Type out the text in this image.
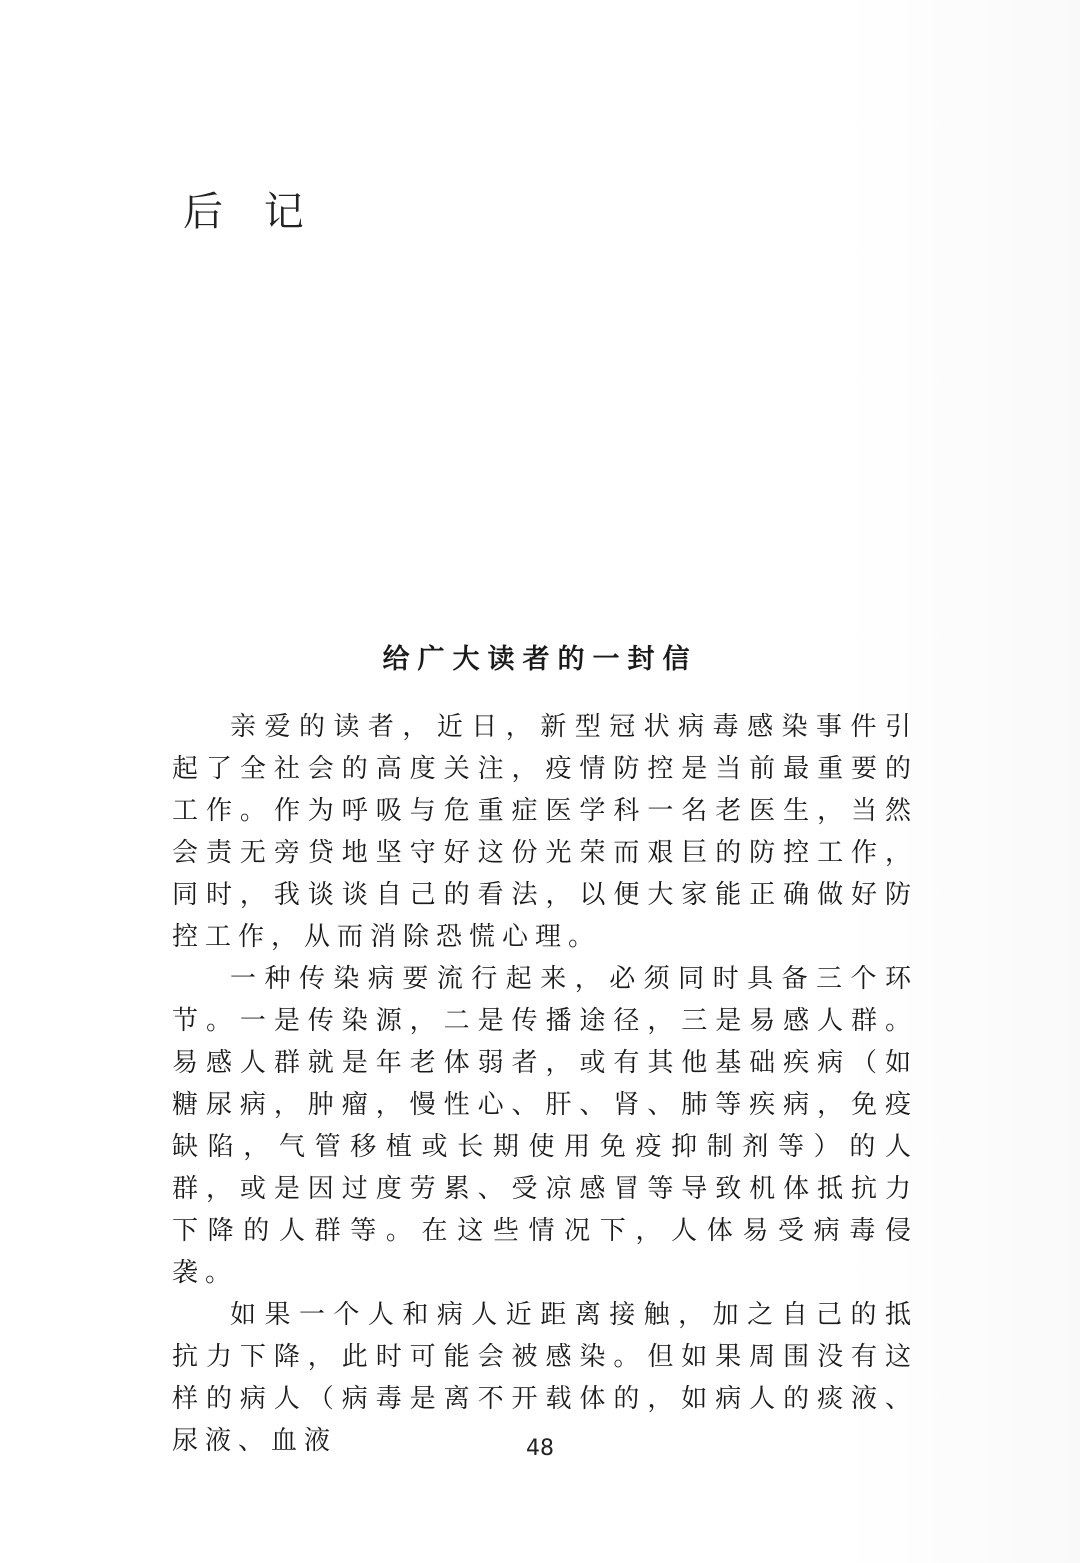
后 记
给广大读者的一封信

亲爱的读者，近日，新型冠状病毒感染事件引起了全社会的高度关注，疫情防控是当前最重要的工作。作为呼吸与危重症医学科一名老医生，当然会责无旁贷地坚守好这份光荣而艰巨的防控工作，同时，我谈谈自己的看法，以便大家能正确做好防控工作，从而消除恐慌心理。

一种传染病要流行起来，必须同时具备三个环节。一是传染源，二是传播途径，三是易感人群。易感人群就是年老体弱者，或有其他基础疾病（如糖尿病，肿瘤，慢性心、肝、肾、肺等疾病，免疫缺陷，气管移植或长期使用免疫抑制剂等）的人群，或是因过度劳累、受凉感冒等导致机体抵抗力下降的人群等。在这些情况下，人体易受病毒侵袭。

如果一个人和病人近距离接触，加之自己的抵抗力下降，此时可能会被感染。但如果周围没有这样的病人（病毒是离不开载体的，如病人的痰液、尿液、血液	48
